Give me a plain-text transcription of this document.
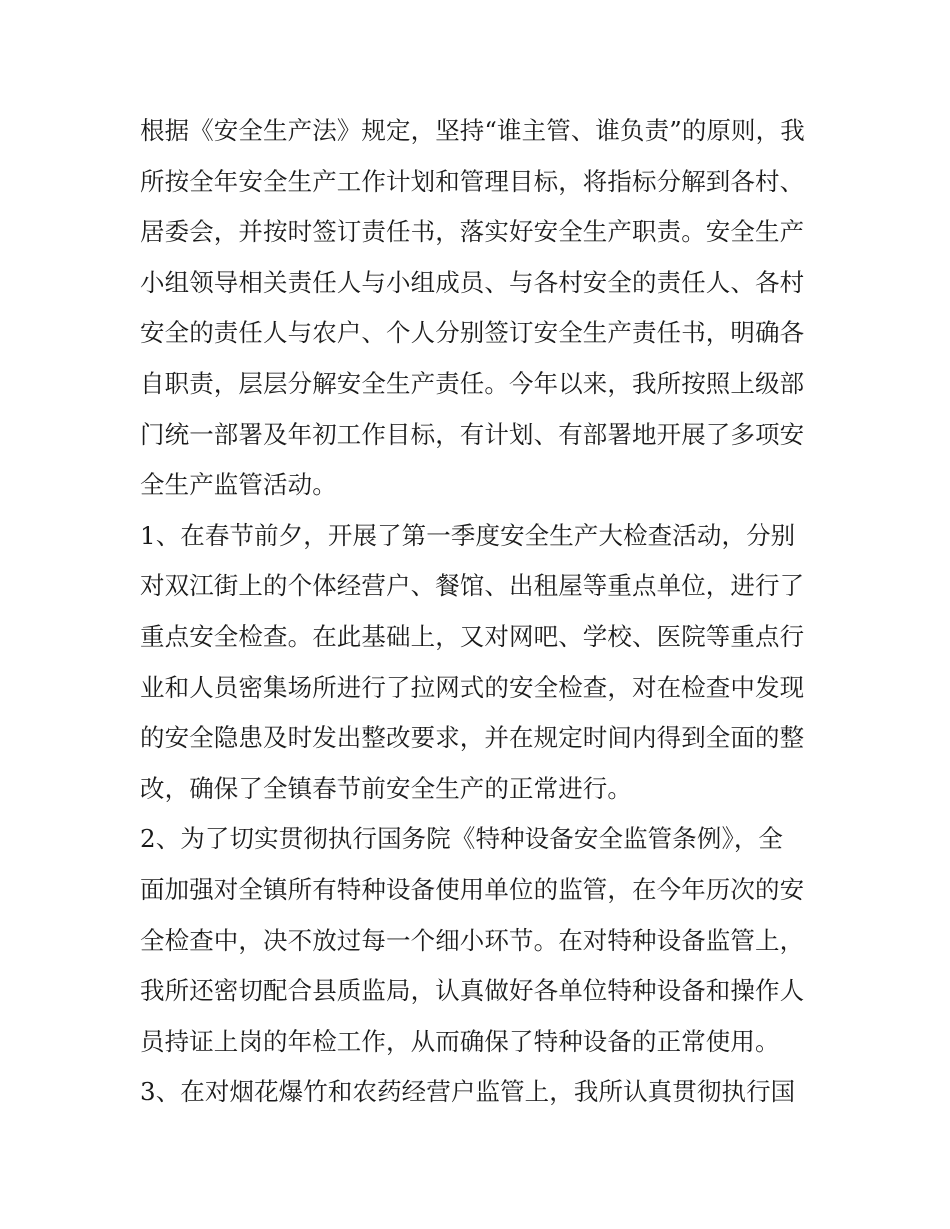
根据《安全生产法》规定，坚持“谁主管、谁负责”的原则，我
所按全年安全生产工作计划和管理目标，将指标分解到各村、
居委会，并按时签订责任书，落实好安全生产职责。安全生产
小组领导相关责任人与小组成员、与各村安全的责任人、各村
安全的责任人与农户、个人分别签订安全生产责任书，明确各
自职责，层层分解安全生产责任。今年以来，我所按照上级部
门统一部署及年初工作目标，有计划、有部署地开展了多项安
全生产监管活动。
1、在春节前夕，开展了第一季度安全生产大检查活动，分别
对双江街上的个体经营户、餐馆、出租屋等重点单位，进行了
重点安全检查。在此基础上，又对网吧、学校、医院等重点行
业和人员密集场所进行了拉网式的安全检查，对在检查中发现
的安全隐患及时发出整改要求，并在规定时间内得到全面的整
改，确保了全镇春节前安全生产的正常进行。
2、为了切实贯彻执行国务院《特种设备安全监管条例》，全
面加强对全镇所有特种设备使用单位的监管，在今年历次的安
全检查中，决不放过每一个细小环节。在对特种设备监管上，
我所还密切配合县质监局，认真做好各单位特种设备和操作人
员持证上岗的年检工作，从而确保了特种设备的正常使用。
3、在对烟花爆竹和农药经营户监管上，我所认真贯彻执行国
